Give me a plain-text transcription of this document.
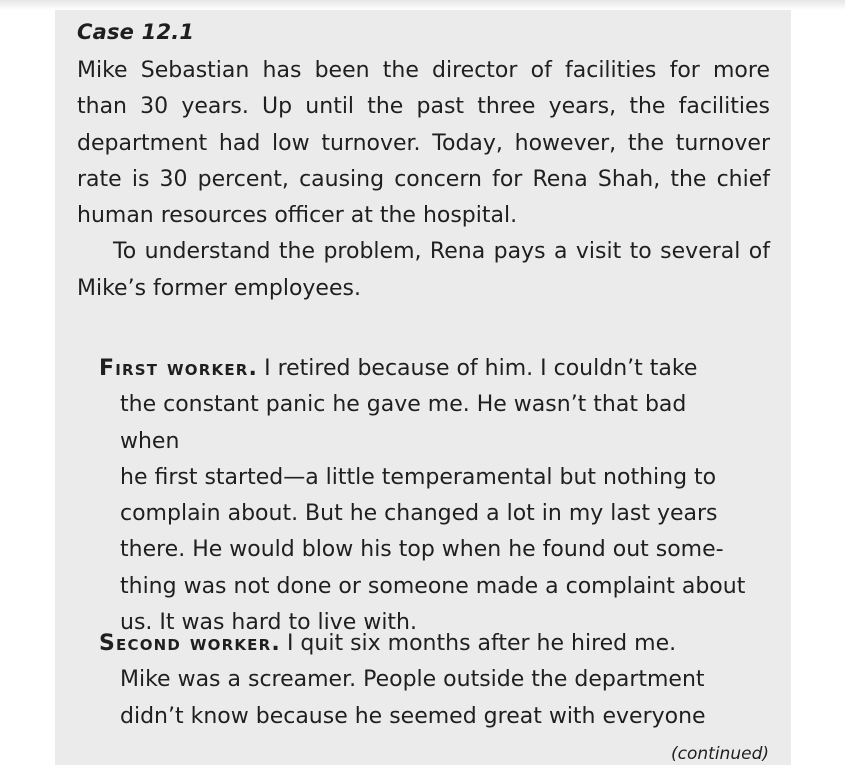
Case 12.1

Mike Sebastian has been the director of facilities for more than 30 years. Up until the past three years, the facilities department had low turnover. Today, however, the turnover rate is 30 percent, causing concern for Rena Shah, the chief human resources officer at the hospital.

To understand the problem, Rena pays a visit to several of Mike’s former employees.

First worker. I retired because of him. I couldn’t take
the constant panic he gave me. He wasn’t that bad when
he first started—a little temperamental but nothing to
complain about. But he changed a lot in my last years
there. He would blow his top when he found out some-
thing was not done or someone made a complaint about
us. It was hard to live with.
Second worker. I quit six months after he hired me.
Mike was a screamer. People outside the department
didn’t know because he seemed great with everyone
(continued)
